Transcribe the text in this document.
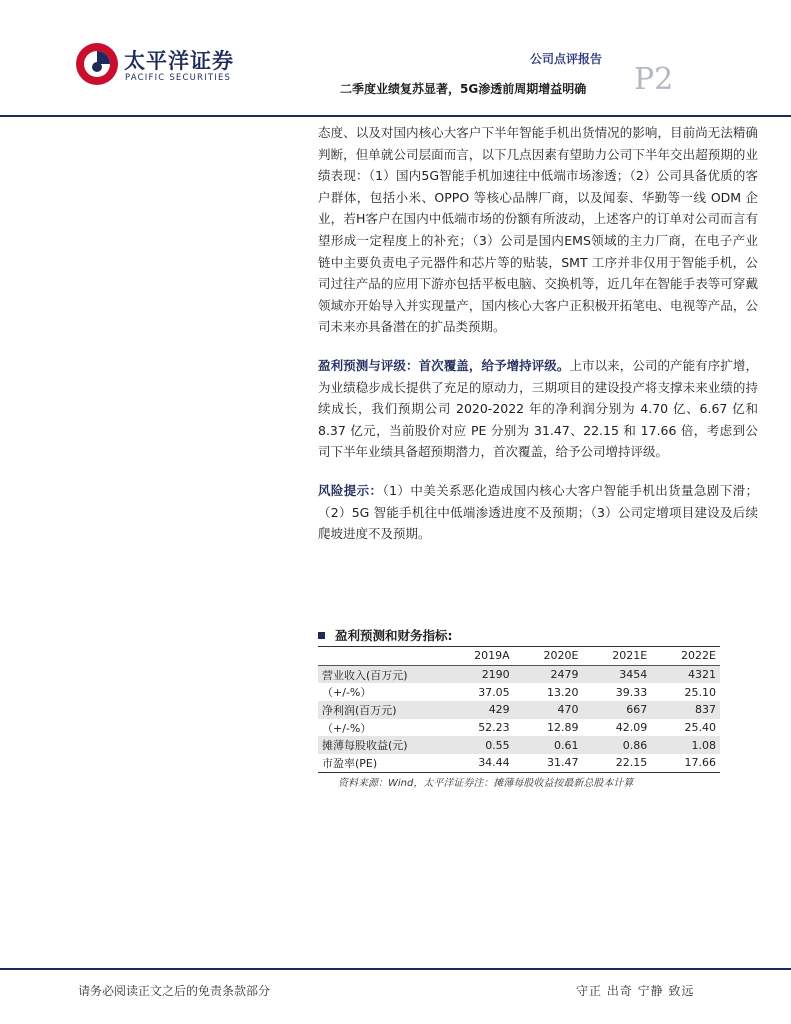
太平洋证券
PACIFIC SECURITIES
公司点评报告
二季度业绩复苏显著，5G渗透前周期增益明确 P2

态度、以及对国内核心大客户下半年智能手机出货情况的影响，目前尚无法精确判断，但单就公司层面而言，以下几点因素有望助力公司下半年交出超预期的业绩表现：（1）国内5G智能手机加速往中低端市场渗透；（2）公司具备优质的客户群体，包括小米、OPPO 等核心品牌厂商，以及闻泰、华勤等一线 ODM 企业，若H客户在国内中低端市场的份额有所波动，上述客户的订单对公司而言有望形成一定程度上的补充；（3）公司是国内EMS领域的主力厂商，在电子产业链中主要负责电子元器件和芯片等的贴装，SMT 工序并非仅用于智能手机，公司过往产品的应用下游亦包括平板电脑、交换机等，近几年在智能手表等可穿戴领域亦开始导入并实现量产，国内核心大客户正积极开拓笔电、电视等产品，公司未来亦具备潜在的扩品类预期。

盈利预测与评级：首次覆盖，给予增持评级。上市以来，公司的产能有序扩增，为业绩稳步成长提供了充足的原动力，三期项目的建设投产将支撑未来业绩的持续成长，我们预期公司 2020-2022 年的净利润分别为 4.70 亿、6.67 亿和 8.37 亿元，当前股价对应 PE 分别为 31.47、22.15 和 17.66 倍，考虑到公司下半年业绩具备超预期潜力，首次覆盖，给予公司增持评级。

风险提示：（1）中美关系恶化造成国内核心大客户智能手机出货量急剧下滑；（2）5G 智能手机往中低端渗透进度不及预期；（3）公司定增项目建设及后续爬坡进度不及预期。

盈利预测和财务指标:
	2019A	2020E	2021E	2022E
营业收入(百万元)	2190	2479	3454	4321
（+/-%）	37.05	13.20	39.33	25.10
净利润(百万元)	429	470	667	837
（+/-%）	52.23	12.89	42.09	25.40
摊薄每股收益(元)	0.55	0.61	0.86	1.08
市盈率(PE)	34.44	31.47	22.15	17.66
资料来源：Wind，太平洋证券注：摊薄每股收益按最新总股本计算
请务必阅读正文之后的免责条款部分	守正 出奇 宁静 致远
